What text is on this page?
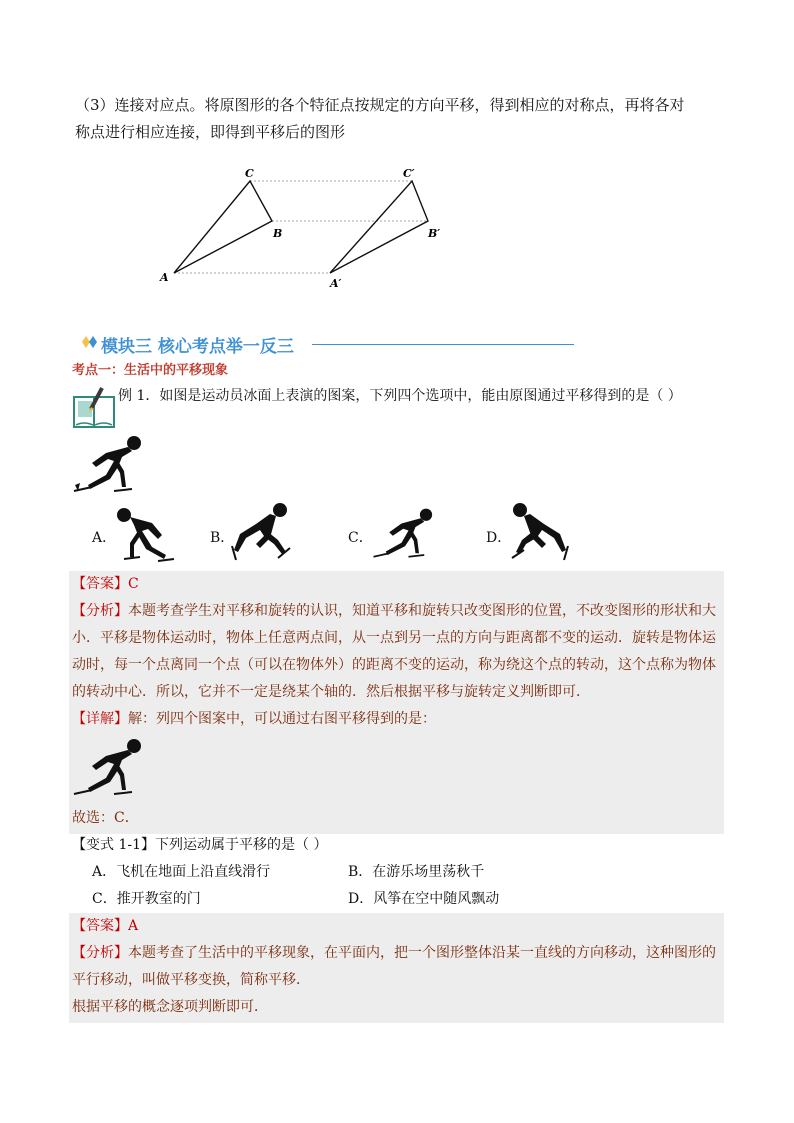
（3）连接对应点。将原图形的各个特征点按规定的方向平移，得到相应的对称点，再将各对
称点进行相应连接，即得到平移后的图形
C
B
A
C′
B′
A′
模块三 核心考点举一反三
考点一：生活中的平移现象
例 1．如图是运动员冰面上表演的图案，下列四个选项中，能由原图通过平移得到的是（ ）
A．	B．	C．	D．
【答案】C
【分析】本题考查学生对平移和旋转的认识，知道平移和旋转只改变图形的位置，不改变图形的形状和大
小．平移是物体运动时，物体上任意两点间，从一点到另一点的方向与距离都不变的运动．旋转是物体运
动时，每一个点离同一个点（可以在物体外）的距离不变的运动，称为绕这个点的转动，这个点称为物体
的转动中心．所以，它并不一定是绕某个轴的．然后根据平移与旋转定义判断即可．
【详解】解：列四个图案中，可以通过右图平移得到的是：
故选：C．
【变式 1-1】下列运动属于平移的是（ ）
A．飞机在地面上沿直线滑行	B．在游乐场里荡秋千
C．推开教室的门	D．风筝在空中随风飘动
【答案】A
【分析】本题考查了生活中的平移现象，在平面内，把一个图形整体沿某一直线的方向移动，这种图形的
平行移动，叫做平移变换，简称平移．
根据平移的概念逐项判断即可．
